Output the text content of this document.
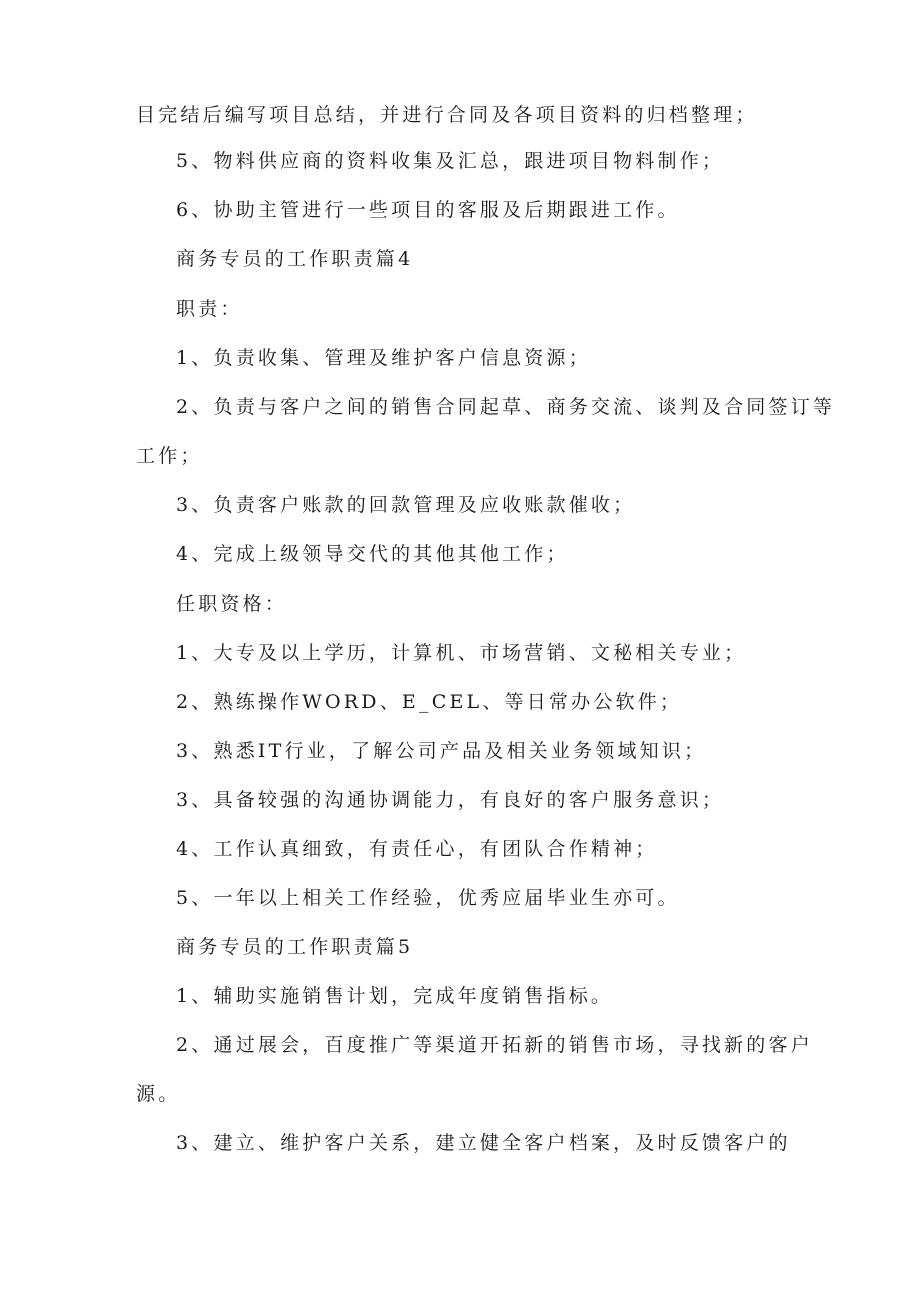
目完结后编写项目总结，并进行合同及各项目资料的归档整理；
5、物料供应商的资料收集及汇总，跟进项目物料制作；
6、协助主管进行一些项目的客服及后期跟进工作。
商务专员的工作职责篇4
职责：
1、负责收集、管理及维护客户信息资源；
2、负责与客户之间的销售合同起草、商务交流、谈判及合同签订等
工作；
3、负责客户账款的回款管理及应收账款催收；
4、完成上级领导交代的其他其他工作；
任职资格：
1、大专及以上学历，计算机、市场营销、文秘相关专业；
2、熟练操作WORD、E_CEL、等日常办公软件；
3、熟悉IT行业，了解公司产品及相关业务领域知识；
3、具备较强的沟通协调能力，有良好的客户服务意识；
4、工作认真细致，有责任心，有团队合作精神；
5、一年以上相关工作经验，优秀应届毕业生亦可。
商务专员的工作职责篇5
1、辅助实施销售计划，完成年度销售指标。
2、通过展会，百度推广等渠道开拓新的销售市场，寻找新的客户
源。
3、建立、维护客户关系，建立健全客户档案，及时反馈客户的
